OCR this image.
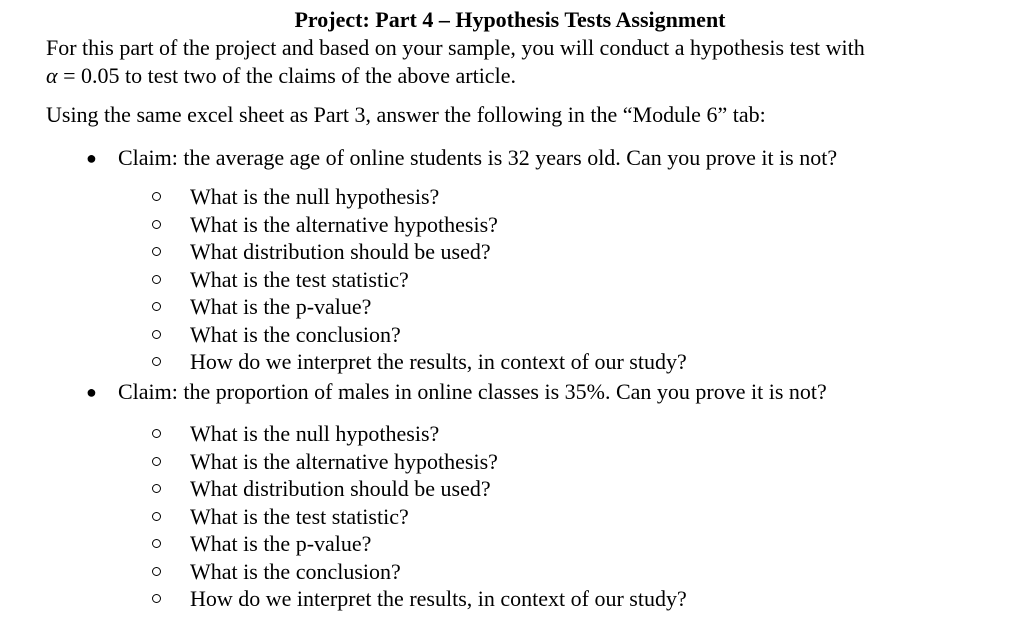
Project: Part 4 – Hypothesis Tests Assignment
For this part of the project and based on your sample, you will conduct a hypothesis test with
α = 0.05 to test two of the claims of the above article.
Using the same excel sheet as Part 3, answer the following in the “Module 6” tab:
● Claim: the average age of online students is 32 years old. Can you prove it is not?
What is the null hypothesis?
What is the alternative hypothesis?
What distribution should be used?
What is the test statistic?
What is the p-value?
What is the conclusion?
How do we interpret the results, in context of our study?
● Claim: the proportion of males in online classes is 35%. Can you prove it is not?
What is the null hypothesis?
What is the alternative hypothesis?
What distribution should be used?
What is the test statistic?
What is the p-value?
What is the conclusion?
How do we interpret the results, in context of our study?
